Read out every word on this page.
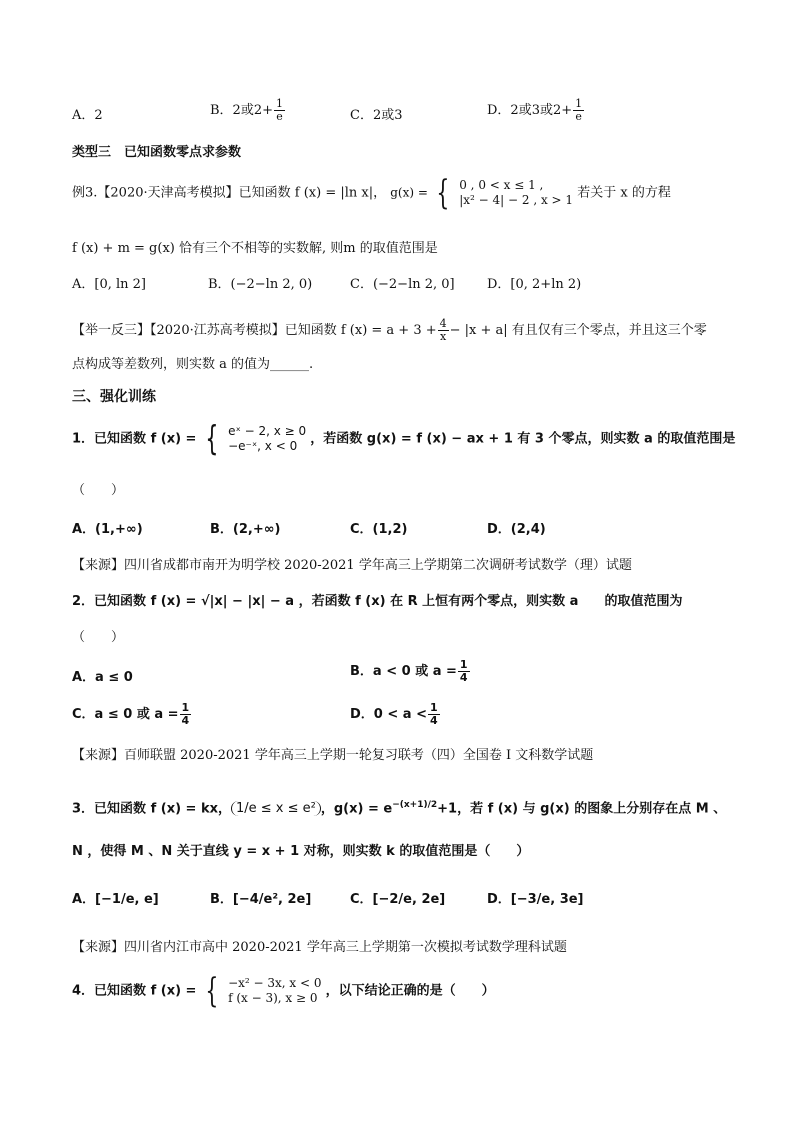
A．2	B．2或$2+ \frac{1}{e}$	C．2或3	D．2或3或$2+ \frac{1}{e}$
类型三　已知函数零点求参数
例3.【2020·天津高考模拟】已知函数 f (x) = |ln x|， g(x) = { 0 , 0 < x ≤ 1 ,
|x² − 4| − 2 , x > 1 若关于 x 的方程
f (x) + m = g(x) 恰有三个不相等的实数解, 则m 的取值范围是
A．[0, ln 2]	B．(−2−ln 2, 0)	C．(−2−ln 2, 0] D．[0, 2+ln 2)
【举一反三】【2020·江苏高考模拟】已知函数 f $(x) = a + 3 + \frac{4}{x} - |x + a|$ 有且仅有三个零点，并且这三个零
点构成等差数列，则实数 a 的值为______.
三、强化训练
1．已知函数 f (x) = { eˣ − 2, x ≥ 0
−e⁻ˣ, x < 0	，若函数 g(x) = f (x) − ax + 1 有 3 个零点，则实数 a 的取值范围是
（　　）
A．(1,+∞)	B．(2,+∞)	C．(1,2)	D．(2,4)
【来源】四川省成都市南开为明学校 2020-2021 学年高三上学期第二次调研考试数学（理）试题
2．已知函数 f (x) = √|x| − |x| − a ，若函数 f (x) 在 R 上恒有两个零点，则实数 a　　的取值范围为
（　　）
A．a ≤ 0	B．a < 0 或 $a = \frac{1}{4}$
C．a ≤ 0 或 $a = \frac{1}{4}$	D．$0 < a < \frac{1}{4}$
【来源】百师联盟 2020-2021 学年高三上学期一轮复习联考（四）全国卷 I 文科数学试题
3．已知函数 f (x) = kx， 1/e ≤ x ≤ e² ，$g(x) = e^{-(x+1)/2}+1$，若 f (x) 与 g(x) 的图象上分别存在点 M 、
N ，使得 M 、N 关于直线 y = x + 1 对称，则实数 k 的取值范围是（　　）
A．[−1/e, e]	B．[−4/e², 2e]	C．[−2/e, 2e]	D．[−3/e, 3e]
【来源】四川省内江市高中 2020-2021 学年高三上学期第一次模拟考试数学理科试题
4．已知函数 f (x) = { −x² − 3x, x < 0
f (x − 3), x ≥ 0 ，以下结论正确的是（　　）
